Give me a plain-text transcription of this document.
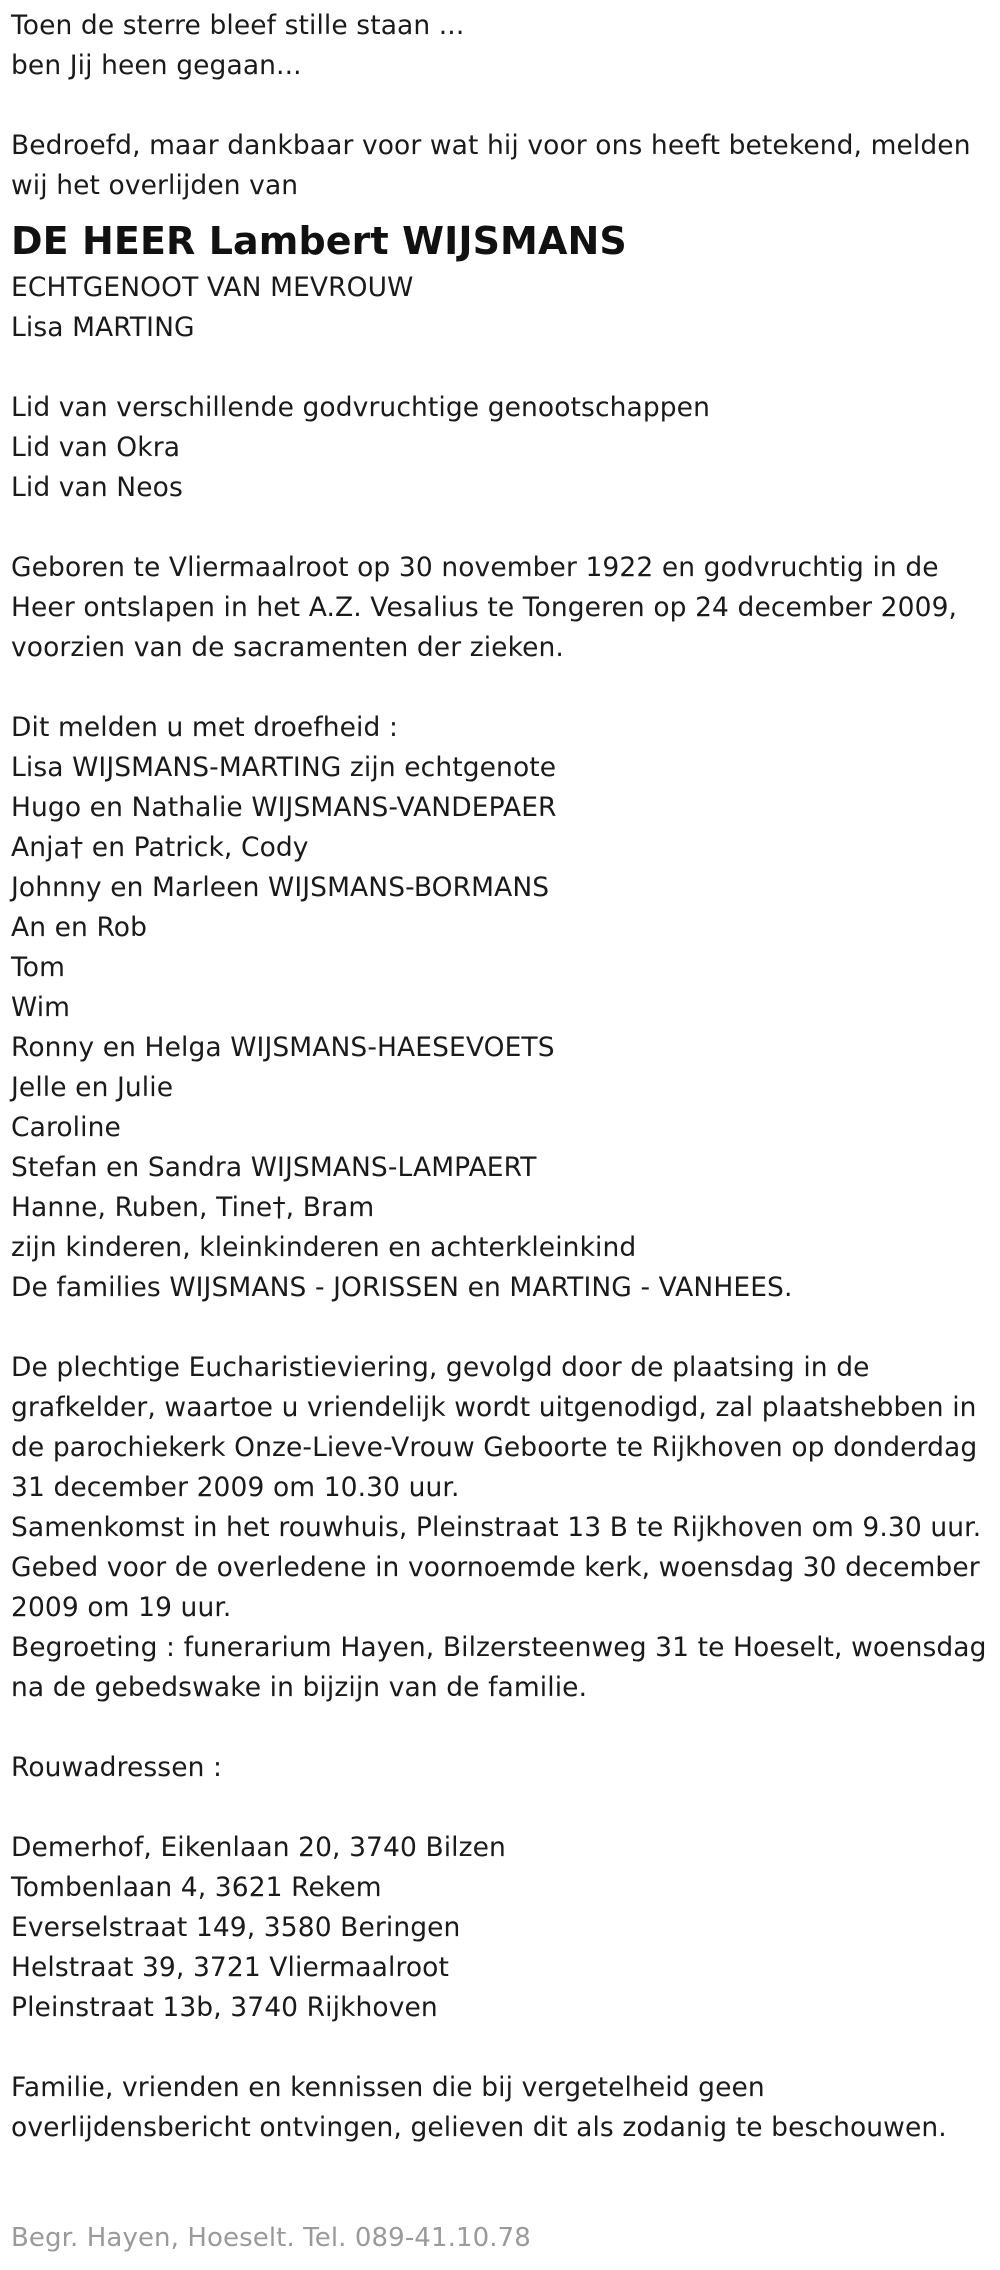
Toen de sterre bleef stille staan ...
ben Jij heen gegaan...
Bedroefd, maar dankbaar voor wat hij voor ons heeft betekend, melden
wij het overlijden van
DE HEER Lambert WIJSMANS
ECHTGENOOT VAN MEVROUW
Lisa MARTING
Lid van verschillende godvruchtige genootschappen
Lid van Okra
Lid van Neos
Geboren te Vliermaalroot op 30 november 1922 en godvruchtig in de
Heer ontslapen in het A.Z. Vesalius te Tongeren op 24 december 2009,
voorzien van de sacramenten der zieken.
Dit melden u met droefheid :
Lisa WIJSMANS-MARTING zijn echtgenote
Hugo en Nathalie WIJSMANS-VANDEPAER
Anja† en Patrick, Cody
Johnny en Marleen WIJSMANS-BORMANS
An en Rob
Tom
Wim
Ronny en Helga WIJSMANS-HAESEVOETS
Jelle en Julie
Caroline
Stefan en Sandra WIJSMANS-LAMPAERT
Hanne, Ruben, Tine†, Bram
zijn kinderen, kleinkinderen en achterkleinkind
De families WIJSMANS - JORISSEN en MARTING - VANHEES.
De plechtige Eucharistieviering, gevolgd door de plaatsing in de
grafkelder, waartoe u vriendelijk wordt uitgenodigd, zal plaatshebben in
de parochiekerk Onze-Lieve-Vrouw Geboorte te Rijkhoven op donderdag
31 december 2009 om 10.30 uur.
Samenkomst in het rouwhuis, Pleinstraat 13 B te Rijkhoven om 9.30 uur.
Gebed voor de overledene in voornoemde kerk, woensdag 30 december
2009 om 19 uur.
Begroeting : funerarium Hayen, Bilzersteenweg 31 te Hoeselt, woensdag
na de gebedswake in bijzijn van de familie.
Rouwadressen :
Demerhof, Eikenlaan 20, 3740 Bilzen
Tombenlaan 4, 3621 Rekem
Everselstraat 149, 3580 Beringen
Helstraat 39, 3721 Vliermaalroot
Pleinstraat 13b, 3740 Rijkhoven
Familie, vrienden en kennissen die bij vergetelheid geen
overlijdensbericht ontvingen, gelieven dit als zodanig te beschouwen.
Begr. Hayen, Hoeselt. Tel. 089-41.10.78
